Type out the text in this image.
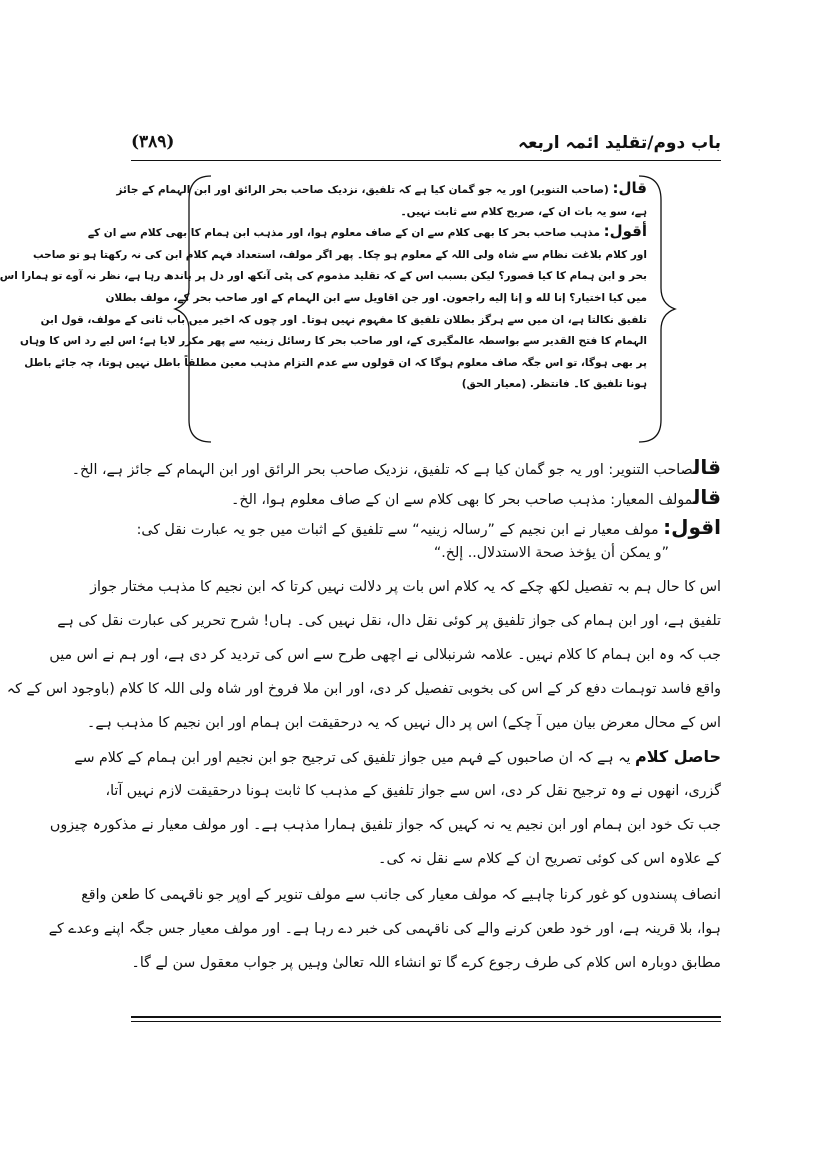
(۳۸۹)	باب دوم/تقلید ائمہ اربعہ
قال: (صاحب التنویر) اور یہ جو گمان کیا ہے کہ تلفیق، نزدیک صاحب بحر الرائق اور ابن الہمام کے جائز
ہے، سو یہ بات ان کے، صریح کلام سے ثابت نہیں۔
أقول: مذہب صاحب بحر کا بھی کلام سے ان کے صاف معلوم ہوا، اور مذہب ابن ہمام کا بھی کلام سے ان کے
اور کلام بلاغت نظام سے شاہ ولی اللہ کے معلوم ہو چکا۔ پھر اگر مولف، استعداد فہم کلام ابن کی نہ رکھتا ہو تو صاحب
بحر و ابن ہمام کا کیا قصور؟ لیکن بسبب اس کے کہ تقلید مذموم کی پٹی آنکھ اور دل پر باندھ رہا ہے، نظر نہ آوے تو ہمارا اس
میں کیا اختیار؟ إنا لله و إنا إليه راجعون. اور جن اقاویل سے ابن الہمام کے اور صاحب بحر کے، مولف بطلان
تلفیق نکالتا ہے، ان میں سے ہرگز بطلان تلفیق کا مفہوم نہیں ہوتا۔ اور چوں کہ اخیر میں باب ثانی کے مولف، قول ابن
الہمام کا فتح القدیر سے بواسطہ عالمگیری کے، اور صاحب بحر کا رسائل زینیہ سے پھر مکرر لایا ہے؛ اس لیے رد اس کا وہاں
پر بھی ہوگا، تو اس جگہ صاف معلوم ہوگا کہ ان قولوں سے عدم التزام مذہب معین مطلقاً باطل نہیں ہوتا، چہ جائے باطل
ہونا تلفیق کا۔ فانتظر. (معیار الحق)
قالصاحب التنویر: اور یہ جو گمان کیا ہے کہ تلفیق، نزدیک صاحب بحر الرائق اور ابن الہمام کے جائز ہے، الخ۔
قالمولف المعیار: مذہب صاحب بحر کا بھی کلام سے ان کے صاف معلوم ہوا، الخ۔
اقول: مولف معیار نے ابن نجیم کے ”رسالہ زینیہ“ سے تلفیق کے اثبات میں جو یہ عبارت نقل کی:
”و يمكن أن يؤخذ صحة الاستدلال.. إلخ.“
اس کا حال ہم بہ تفصیل لکھ چکے کہ یہ کلام اس بات پر دلالت نہیں کرتا کہ ابن نجیم کا مذہب مختار جواز
تلفیق ہے، اور ابن ہمام کی جواز تلفیق پر کوئی نقل دال، نقل نہیں کی۔ ہاں! شرح تحریر کی عبارت نقل کی ہے
جب کہ وہ ابن ہمام کا کلام نہیں۔ علامہ شرنبلالی نے اچھی طرح سے اس کی تردید کر دی ہے، اور ہم نے اس میں
واقع فاسد توہمات دفع کر کے اس کی بخوبی تفصیل کر دی، اور ابن ملا فروخ اور شاہ ولی اللہ کا کلام (باوجود اس کے کہ
اس کے محال معرض بیان میں آ چکے) اس پر دال نہیں کہ یہ درحقیقت ابن ہمام اور ابن نجیم کا مذہب ہے۔
حاصل کلام یہ ہے کہ ان صاحبوں کے فہم میں جواز تلفیق کی ترجیح جو ابن نجیم اور ابن ہمام کے کلام سے
گزری، انھوں نے وہ ترجیح نقل کر دی، اس سے جواز تلفیق کے مذہب کا ثابت ہونا درحقیقت لازم نہیں آتا،
جب تک خود ابن ہمام اور ابن نجیم یہ نہ کہیں کہ جواز تلفیق ہمارا مذہب ہے۔ اور مولف معیار نے مذکورہ چیزوں
کے علاوہ اس کی کوئی تصریح ان کے کلام سے نقل نہ کی۔
انصاف پسندوں کو غور کرنا چاہیے کہ مولف معیار کی جانب سے مولف تنویر کے اوپر جو ناقہمی کا طعن واقع
ہوا، بلا قرینہ ہے، اور خود طعن کرنے والے کی ناقہمی کی خبر دے رہا ہے۔ اور مولف معیار جس جگہ اپنے وعدے کے
مطابق دوبارہ اس کلام کی طرف رجوع کرے گا تو انشاء اللہ تعالیٰ وہیں پر جواب معقول سن لے گا۔
